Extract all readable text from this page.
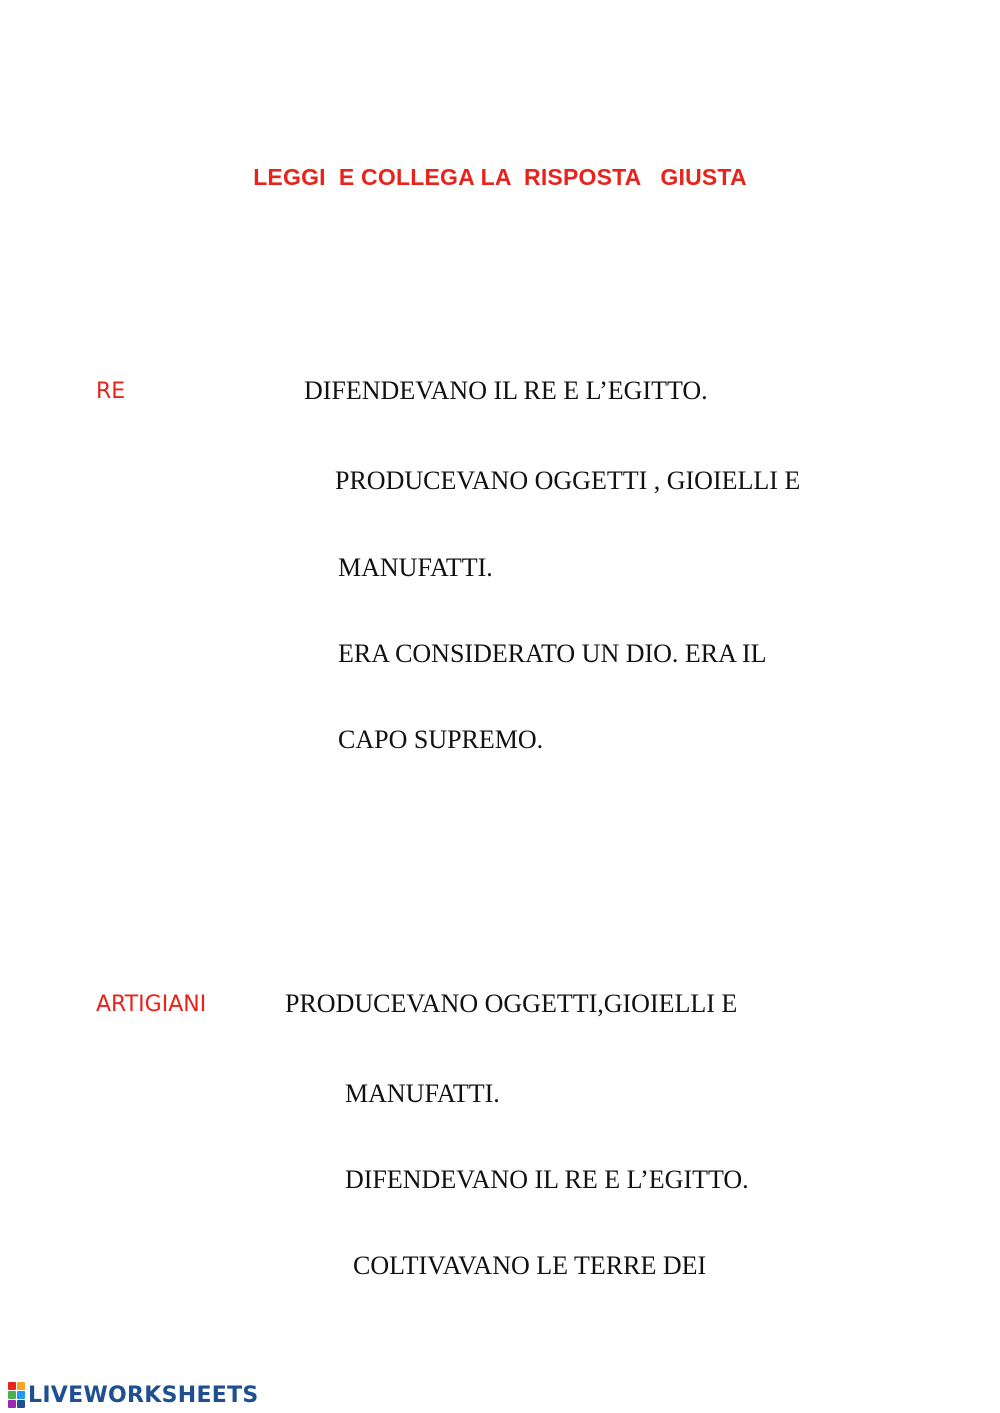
LEGGI  E COLLEGA LA  RISPOSTA   GIUSTA
RE	DIFENDEVANO IL RE E L’EGITTO.
PRODUCEVANO OGGETTI , GIOIELLI E
MANUFATTI.
ERA CONSIDERATO UN DIO. ERA IL
CAPO SUPREMO.
ARTIGIANI	PRODUCEVANO OGGETTI,GIOIELLI E
MANUFATTI.
DIFENDEVANO IL RE E L’EGITTO.
COLTIVAVANO LE TERRE DEI
LIVEWORKSHEETS
